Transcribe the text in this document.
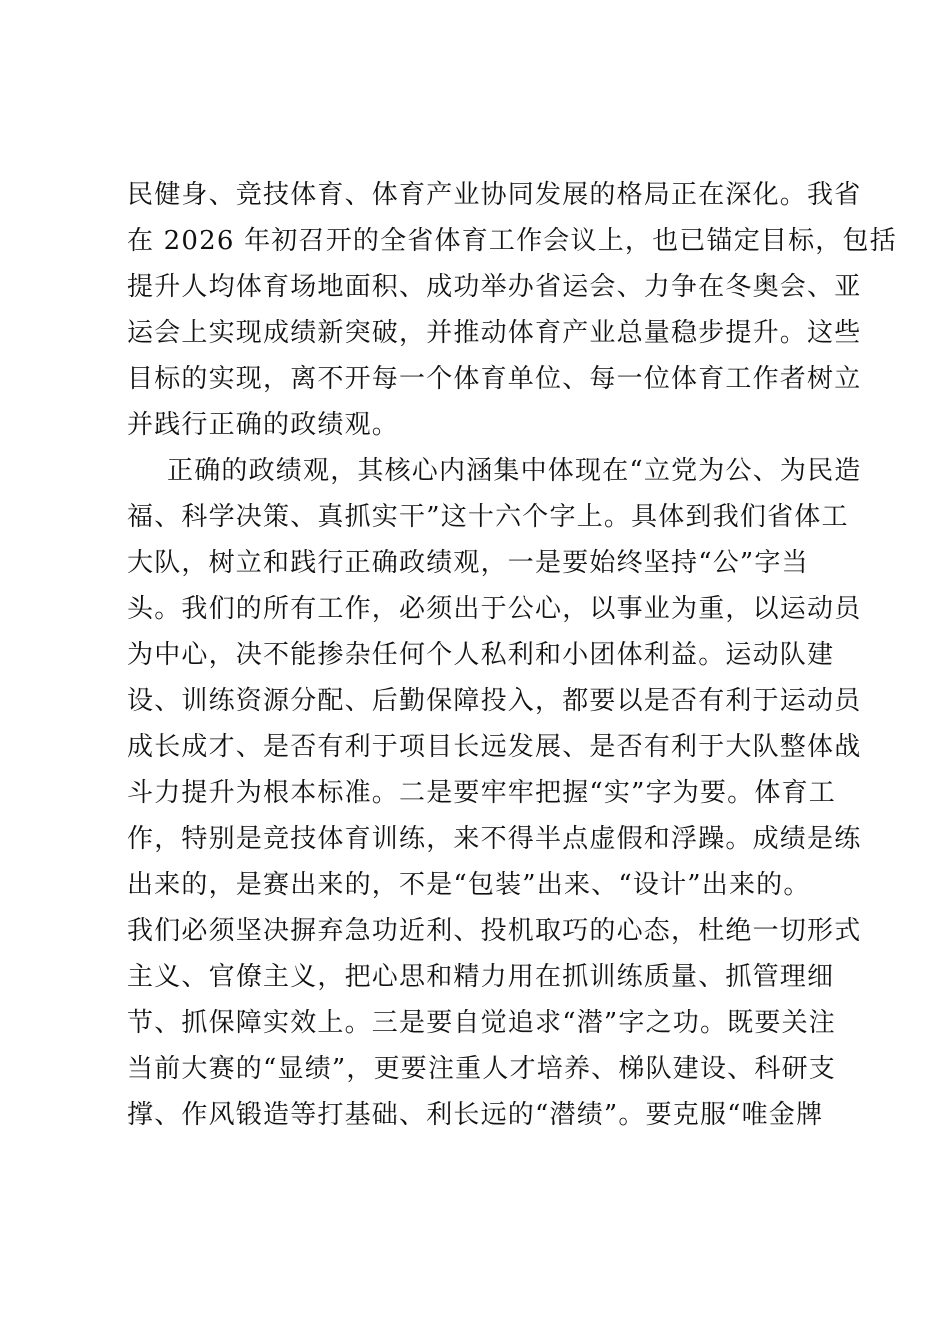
民健身、竞技体育、体育产业协同发展的格局正在深化。我省
在 2026 年初召开的全省体育工作会议上，也已锚定目标，包括
提升人均体育场地面积、成功举办省运会、力争在冬奥会、亚
运会上实现成绩新突破，并推动体育产业总量稳步提升。这些
目标的实现，离不开每一个体育单位、每一位体育工作者树立
并践行正确的政绩观。
正确的政绩观，其核心内涵集中体现在“立党为公、为民造
福、科学决策、真抓实干”这十六个字上。具体到我们省体工
大队，树立和践行正确政绩观，一是要始终坚持“公”字当
头。我们的所有工作，必须出于公心，以事业为重，以运动员
为中心，决不能掺杂任何个人私利和小团体利益。运动队建
设、训练资源分配、后勤保障投入，都要以是否有利于运动员
成长成才、是否有利于项目长远发展、是否有利于大队整体战
斗力提升为根本标准。二是要牢牢把握“实”字为要。体育工
作，特别是竞技体育训练，来不得半点虚假和浮躁。成绩是练
出来的，是赛出来的，不是“包装”出来、“设计”出来的。
我们必须坚决摒弃急功近利、投机取巧的心态，杜绝一切形式
主义、官僚主义，把心思和精力用在抓训练质量、抓管理细
节、抓保障实效上。三是要自觉追求“潜”字之功。既要关注
当前大赛的“显绩”，更要注重人才培养、梯队建设、科研支
撑、作风锻造等打基础、利长远的“潜绩”。要克服“唯金牌
